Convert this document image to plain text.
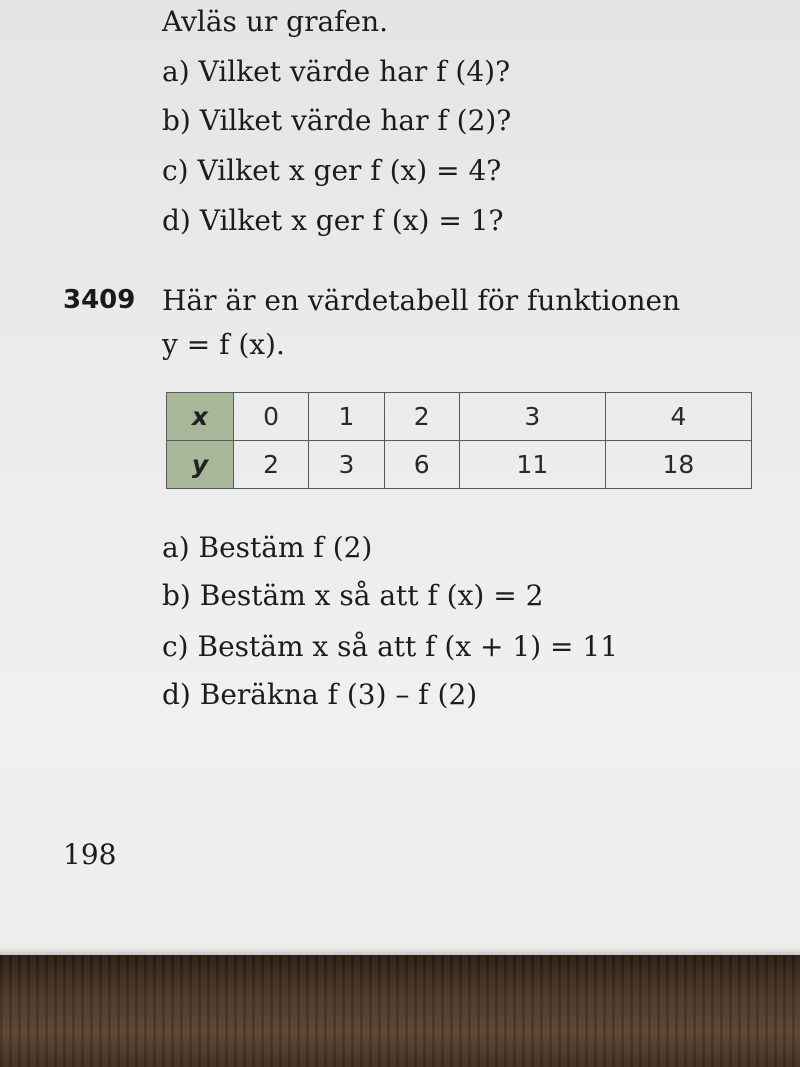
Avläs ur grafen.
a) Vilket värde har f (4)?
b) Vilket värde har f (2)?
c) Vilket x ger f (x) = 4?
d) Vilket x ger f (x) = 1?
3409 Här är en värdetabell för funktionen
y = f (x).
x	0	1	2	3	4
y	2	3	6	11	18
a) Bestäm f (2)
b) Bestäm x så att f (x) = 2
c) Bestäm x så att f (x + 1) = 11
d) Beräkna f (3) – f (2)
198
